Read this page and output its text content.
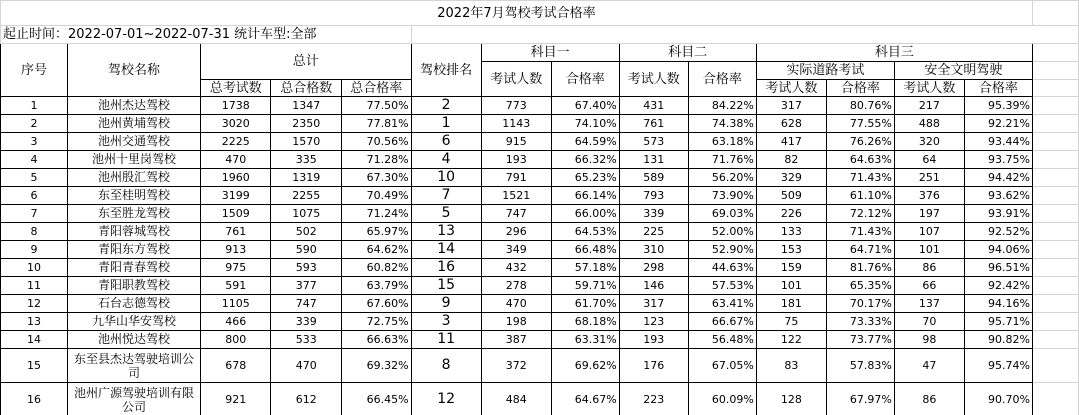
2022年7月驾校考试合格率														
起止时间：2022-07-01~2022-07-31 统计车型:全部														
序号	驾校名称	总计			驾校排名	科目一		科目二		科目三				
						考试人数	合格率	考试人数	合格率	实际道路考试		安全文明驾驶		
		总考试数	总合格数	总合格率						考试人数	合格率	考试人数	合格率	
1	池州杰达驾校	1738	1347	77.50%	2	773	67.40%	431	84.22%	317	80.76%	217	95.39%	
2	池州黄埔驾校	3020	2350	77.81%	1	1143	74.10%	761	74.38%	628	77.55%	488	92.21%	
3	池州交通驾校	2225	1570	70.56%	6	915	64.59%	573	63.18%	417	76.26%	320	93.44%	
4	池州十里岗驾校	470	335	71.28%	4	193	66.32%	131	71.76%	82	64.63%	64	93.75%	
5	池州殷汇驾校	1960	1319	67.30%	10	791	65.23%	589	56.20%	329	71.43%	251	94.42%	
6	东至桂明驾校	3199	2255	70.49%	7	1521	66.14%	793	73.90%	509	61.10%	376	93.62%	
7	东至胜龙驾校	1509	1075	71.24%	5	747	66.00%	339	69.03%	226	72.12%	197	93.91%	
8	青阳蓉城驾校	761	502	65.97%	13	296	64.53%	225	52.00%	133	71.43%	107	92.52%	
9	青阳东方驾校	913	590	64.62%	14	349	66.48%	310	52.90%	153	64.71%	101	94.06%	
10	青阳青春驾校	975	593	60.82%	16	432	57.18%	298	44.63%	159	81.76%	86	96.51%	
11	青阳职教驾校	591	377	63.79%	15	278	59.71%	146	57.53%	101	65.35%	66	92.42%	
12	石台志德驾校	1105	747	67.60%	9	470	61.70%	317	63.41%	181	70.17%	137	94.16%	
13	九华山华安驾校	466	339	72.75%	3	198	68.18%	123	66.67%	75	73.33%	70	95.71%	
14	池州悦达驾校	800	533	66.63%	11	387	63.31%	193	56.48%	122	73.77%	98	90.82%	
15	东至县杰达驾驶培训公司	678	470	69.32%	8	372	69.62%	176	67.05%	83	57.83%	47	95.74%	
16	池州广源驾驶培训有限公司	921	612	66.45%	12	484	64.67%	223	60.09%	128	67.97%	86	90.70%	
